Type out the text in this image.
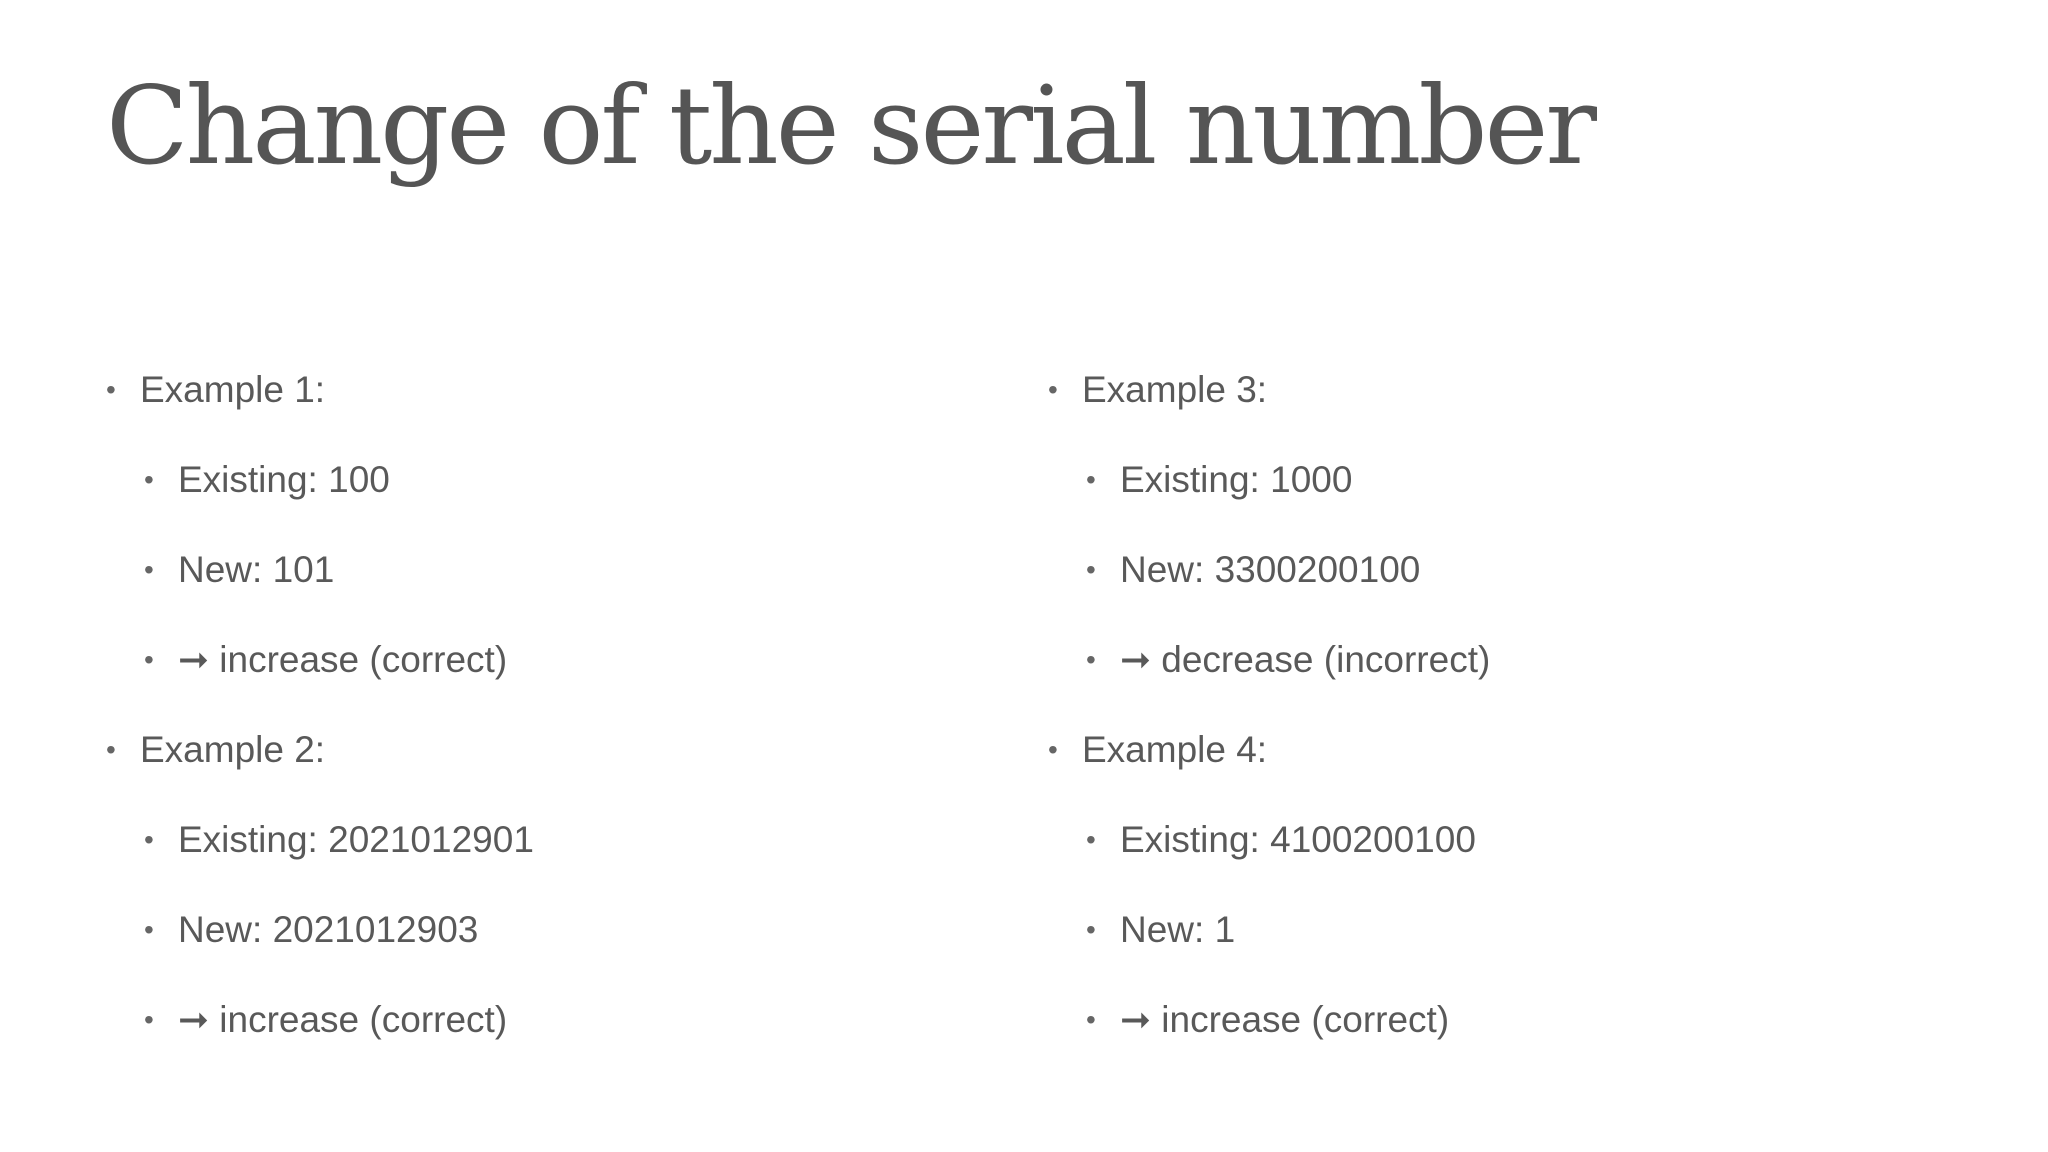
Change of the serial number
• Example 1:
• Existing: 100
• New: 101
• ➞ increase (correct)
• Example 2:
• Existing: 2021012901
• New: 2021012903
• ➞ increase (correct)
• Example 3:
• Existing: 1000
• New: 3300200100
• ➞ decrease (incorrect)
• Example 4:
• Existing: 4100200100
• New: 1
• ➞ increase (correct)
